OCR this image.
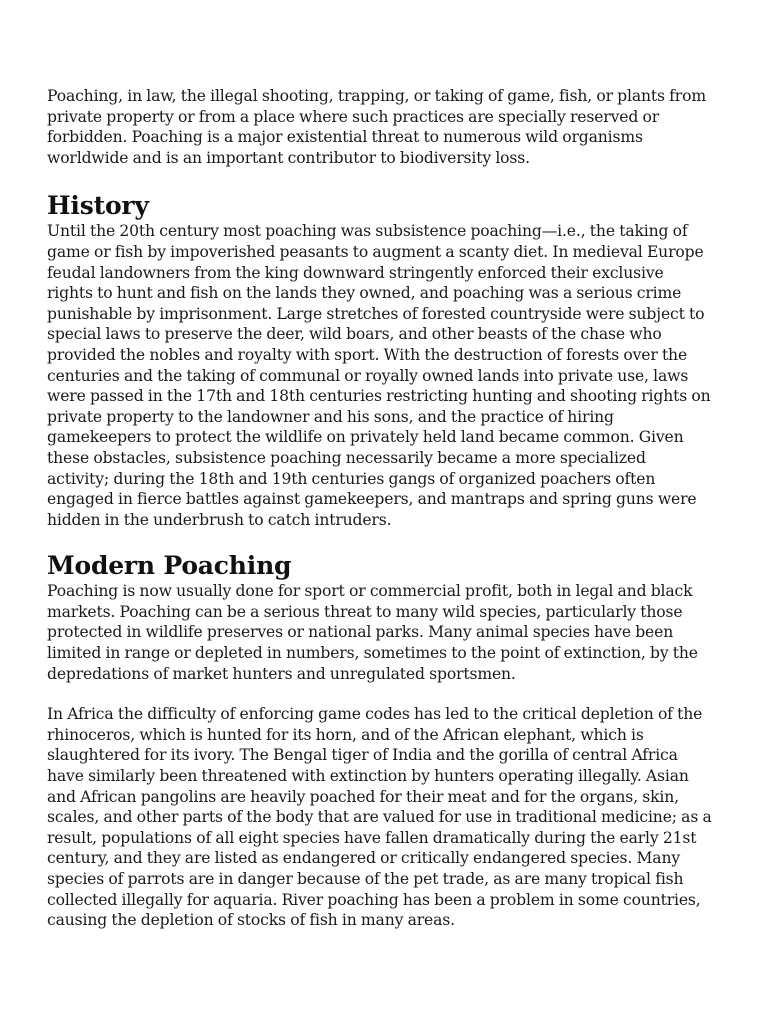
Poaching, in law, the illegal shooting, trapping, or taking of game, fish, or plants from private property or from a place where such practices are specially reserved or forbidden. Poaching is a major existential threat to numerous wild organisms worldwide and is an important contributor to biodiversity loss.

History

Until the 20th century most poaching was subsistence poaching—i.e., the taking of game or fish by impoverished peasants to augment a scanty diet. In medieval Europe feudal landowners from the king downward stringently enforced their exclusive rights to hunt and fish on the lands they owned, and poaching was a serious crime punishable by imprisonment. Large stretches of forested countryside were subject to special laws to preserve the deer, wild boars, and other beasts of the chase who provided the nobles and royalty with sport. With the destruction of forests over the centuries and the taking of communal or royally owned lands into private use, laws were passed in the 17th and 18th centuries restricting hunting and shooting rights on private property to the landowner and his sons, and the practice of hiring gamekeepers to protect the wildlife on privately held land became common. Given these obstacles, subsistence poaching necessarily became a more specialized activity; during the 18th and 19th centuries gangs of organized poachers often engaged in fierce battles against gamekeepers, and mantraps and spring guns were hidden in the underbrush to catch intruders.

Modern Poaching

Poaching is now usually done for sport or commercial profit, both in legal and black markets. Poaching can be a serious threat to many wild species, particularly those protected in wildlife preserves or national parks. Many animal species have been limited in range or depleted in numbers, sometimes to the point of extinction, by the depredations of market hunters and unregulated sportsmen.

In Africa the difficulty of enforcing game codes has led to the critical depletion of the rhinoceros, which is hunted for its horn, and of the African elephant, which is slaughtered for its ivory. The Bengal tiger of India and the gorilla of central Africa have similarly been threatened with extinction by hunters operating illegally. Asian and African pangolins are heavily poached for their meat and for the organs, skin, scales, and other parts of the body that are valued for use in traditional medicine; as a result, populations of all eight species have fallen dramatically during the early 21st century, and they are listed as endangered or critically endangered species. Many species of parrots are in danger because of the pet trade, as are many tropical fish collected illegally for aquaria. River poaching has been a problem in some countries, causing the depletion of stocks of fish in many areas.
